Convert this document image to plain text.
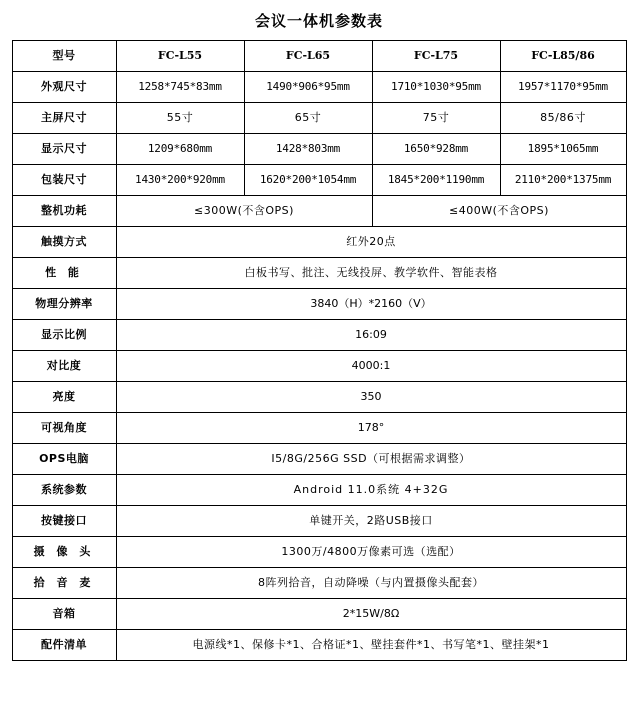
会议一体机参数表
型号	FC-L55	FC-L65	FC-L75	FC-L85/86
外观尺寸	1258*745*83mm	1490*906*95mm	1710*1030*95mm	1957*1170*95mm
主屏尺寸	55寸	65寸	75寸	85/86寸
显示尺寸	1209*680mm	1428*803mm	1650*928mm	1895*1065mm
包装尺寸	1430*200*920mm	1620*200*1054mm	1845*200*1190mm	2110*200*1375mm
整机功耗	≤300W(不含OPS)		≤400W(不含OPS)	
触摸方式	红外20点			
性 能	白板书写、批注、无线投屏、教学软件、智能表格			
物理分辨率	3840（H）*2160（V）			
显示比例	16:09			
对比度	4000:1			
亮度	350			
可视角度	178°			
OPS电脑	I5/8G/256G SSD（可根据需求调整）			
系统参数	Android 11.0系统 4+32G			
按键接口	单键开关，2路USB接口			
摄 像 头	1300万/4800万像素可选（选配）			
拾 音 麦	8阵列拾音，自动降噪（与内置摄像头配套）			
音箱	2*15W/8Ω			
配件清单	电源线*1、保修卡*1、合格证*1、壁挂套件*1、书写笔*1、壁挂架*1			
